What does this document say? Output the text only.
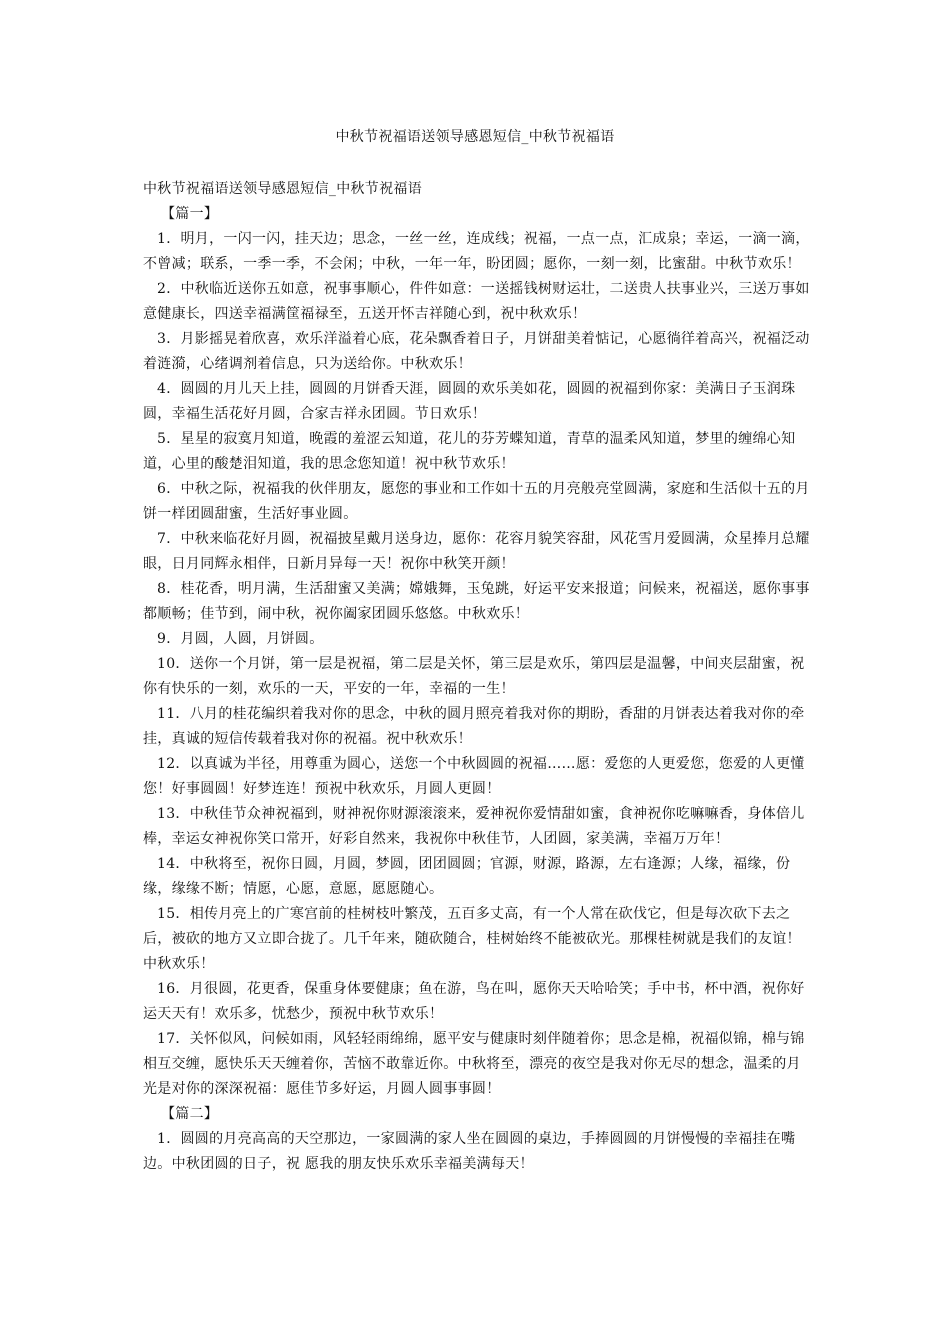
中秋节祝福语送领导感恩短信_中秋节祝福语

中秋节祝福语送领导感恩短信_中秋节祝福语

【篇一】

1．明月，一闪一闪，挂天边；思念，一丝一丝，连成线；祝福，一点一点，汇成泉；幸运，一滴一滴，不曾减；联系，一季一季，不会闲；中秋，一年一年，盼团圆；愿你，一刻一刻，比蜜甜。中秋节欢乐！

2．中秋临近送你五如意，祝事事顺心，件件如意：一送摇钱树财运壮，二送贵人扶事业兴，三送万事如意健康长，四送幸福满筐福禄至，五送开怀吉祥随心到，祝中秋欢乐！

3．月影摇晃着欣喜，欢乐洋溢着心底，花朵飘香着日子，月饼甜美着惦记，心愿徜徉着高兴，祝福泛动着涟漪，心绪调剂着信息，只为送给你。中秋欢乐！

4．圆圆的月儿天上挂，圆圆的月饼香天涯，圆圆的欢乐美如花，圆圆的祝福到你家：美满日子玉润珠圆，幸福生活花好月圆，合家吉祥永团圆。节日欢乐！

5．星星的寂寞月知道，晚霞的羞涩云知道，花儿的芬芳蝶知道，青草的温柔风知道，梦里的缠绵心知道，心里的酸楚泪知道，我的思念您知道！祝中秋节欢乐！

6．中秋之际，祝福我的伙伴朋友，愿您的事业和工作如十五的月亮般亮堂圆满，家庭和生活似十五的月饼一样团圆甜蜜，生活好事业圆。

7．中秋来临花好月圆，祝福披星戴月送身边，愿你：花容月貌笑容甜，风花雪月爱圆满，众星捧月总耀眼，日月同辉永相伴，日新月异每一天！祝你中秋笑开颜！

8．桂花香，明月满，生活甜蜜又美满；嫦娥舞，玉兔跳，好运平安来报道；问候来，祝福送，愿你事事都顺畅；佳节到，闹中秋，祝你阖家团圆乐悠悠。中秋欢乐！

9．月圆，人圆，月饼圆。

10．送你一个月饼，第一层是祝福，第二层是关怀，第三层是欢乐，第四层是温馨，中间夹层甜蜜，祝你有快乐的一刻，欢乐的一天，平安的一年，幸福的一生！

11．八月的桂花编织着我对你的思念，中秋的圆月照亮着我对你的期盼，香甜的月饼表达着我对你的牵挂，真诚的短信传载着我对你的祝福。祝中秋欢乐！

12．以真诚为半径，用尊重为圆心，送您一个中秋圆圆的祝福……愿：爱您的人更爱您，您爱的人更懂您！好事圆圆！好梦连连！预祝中秋欢乐，月圆人更圆！

13．中秋佳节众神祝福到，财神祝你财源滚滚来，爱神祝你爱情甜如蜜，食神祝你吃嘛嘛香，身体倍儿棒，幸运女神祝你笑口常开，好彩自然来，我祝你中秋佳节，人团圆，家美满，幸福万万年！

14．中秋将至，祝你日圆，月圆，梦圆，团团圆圆；官源，财源，路源，左右逢源；人缘，福缘，份缘，缘缘不断；情愿，心愿，意愿，愿愿随心。

15．相传月亮上的广寒宫前的桂树枝叶繁茂，五百多丈高，有一个人常在砍伐它，但是每次砍下去之后，被砍的地方又立即合拢了。几千年来，随砍随合，桂树始终不能被砍光。那棵桂树就是我们的友谊！中秋欢乐！

16．月很圆，花更香，保重身体要健康；鱼在游，鸟在叫，愿你天天哈哈笑；手中书，杯中酒，祝你好运天天有！欢乐多，忧愁少，预祝中秋节欢乐！

17．关怀似风，问候如雨，风轻轻雨绵绵，愿平安与健康时刻伴随着你；思念是棉，祝福似锦，棉与锦相互交缠，愿快乐天天缠着你，苦恼不敢靠近你。中秋将至，漂亮的夜空是我对你无尽的想念，温柔的月光是对你的深深祝福：愿佳节多好运，月圆人圆事事圆！

【篇二】

1．圆圆的月亮高高的天空那边，一家圆满的家人坐在圆圆的桌边，手捧圆圆的月饼慢慢的幸福挂在嘴边。中秋团圆的日子，祝 愿我的朋友快乐欢乐幸福美满每天！
